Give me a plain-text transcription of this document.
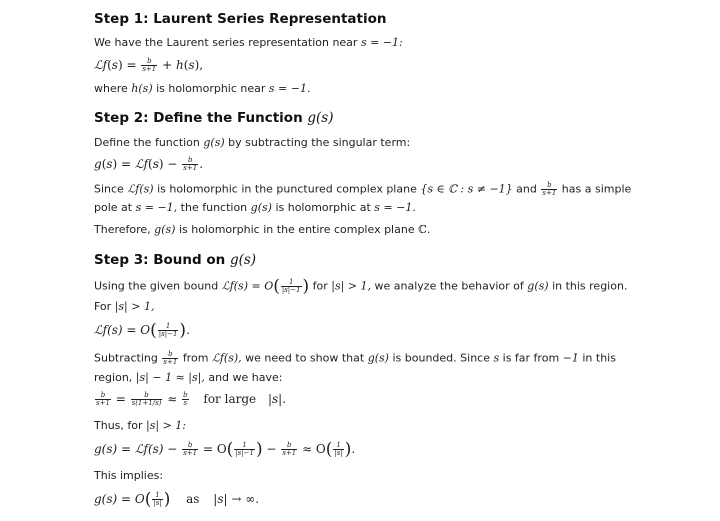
Step 1: Laurent Series Representation
We have the Laurent series representation near s = −1:
ℒf(s) = $\frac{b}{s+1} + h(s)$,
where h(s) is holomorphic near s = −1.
Step 2: Define the Function g(s)
Define the function g(s) by subtracting the singular term:
g(s) = ℒf(s) − $\frac{b}{s+1}$ .
Since ℒf(s) is holomorphic in the punctured complex plane {s ∈ ℂ : s ≠ −1} and $\frac{b}{s+1}$ has a simple
pole at s = −1, the function g(s) is holomorphic at s = −1.
Therefore, g(s) is holomorphic in the entire complex plane ℂ.
Step 3: Bound on g(s)
Using the given bound ℒf(s) = $O( \frac{1}{|s|-1}$ ) for |s| > 1, we analyze the behavior of g(s) in this region.
For |s| > 1,
ℒf(s) = $O( \frac{1}{|s|-1}$ ).
Subtracting $\frac{b}{s+1}$ from ℒf(s), we need to show that g(s) is bounded. Since s is far from −1 in this
region, |s| − 1 ≈ |s|, and we have:
$\frac{b}{s+1} = \frac{b}{s(1+1/s)} \approx \frac{b}{s}$ for large |s|.
Thus, for |s| > 1:
g(s) = ℒf(s) − $\frac{b}{s+1} = O( \frac{1}{|s|-1}$ ) − $\frac{b}{s+1} \approx O( \frac{1}{|s|}$ ).
This implies:
$g(s) = O( \frac{1}{|s|}$ ) as |s| → ∞.
